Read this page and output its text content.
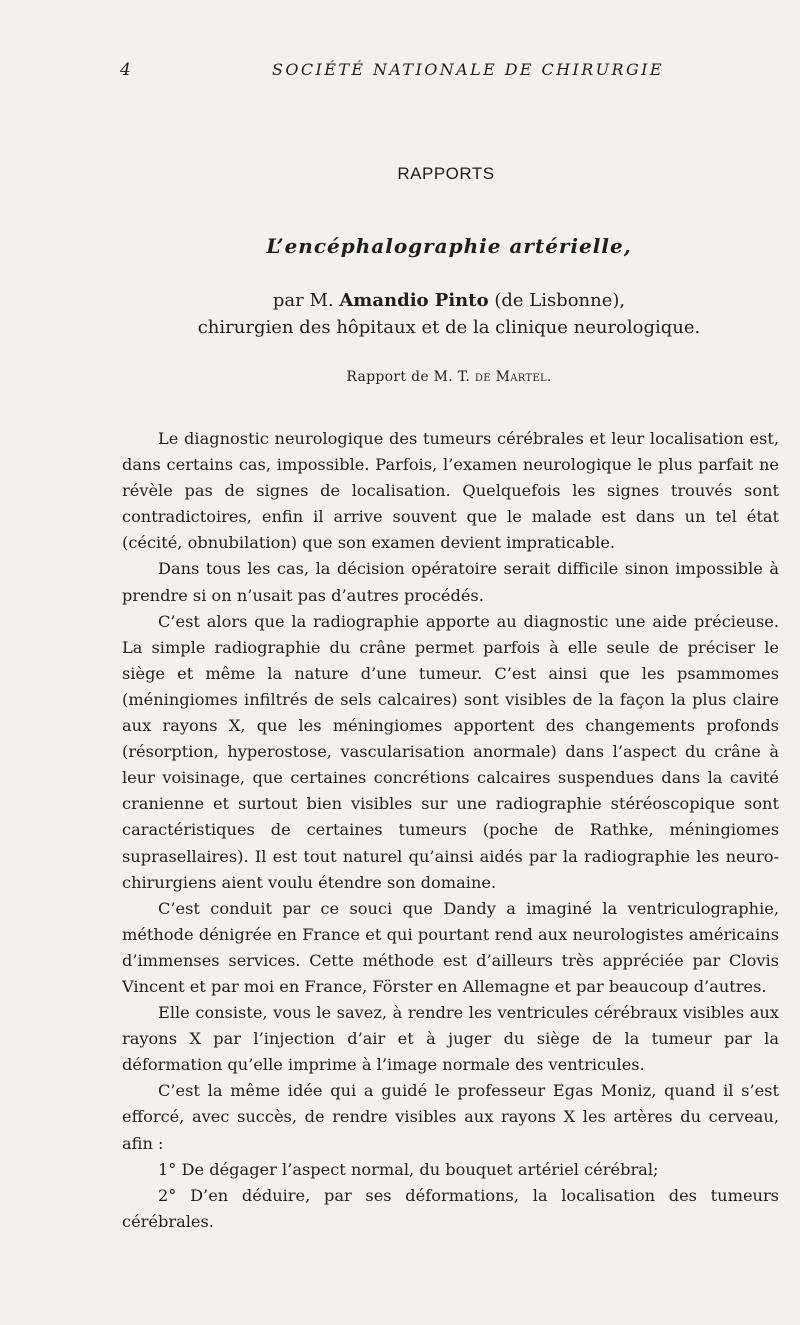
4	SOCIÉTÉ NATIONALE DE CHIRURGIE
RAPPORTS
L’encéphalographie artérielle,
par M. Amandio Pinto (de Lisbonne),
chirurgien des hôpitaux et de la clinique neurologique.
Rapport de M. T. de Martel.

Le diagnostic neurologique des tumeurs cérébrales et leur localisation est, dans certains cas, impossible. Parfois, l’examen neurologique le plus parfait ne révèle pas de signes de localisation. Quelquefois les signes trouvés sont contradictoires, enfin il arrive souvent que le malade est dans un tel état (cécité, obnubilation) que son examen devient impraticable.

Dans tous les cas, la décision opératoire serait difficile sinon impossible à prendre si on n’usait pas d’autres procédés.

C’est alors que la radiographie apporte au diagnostic une aide précieuse. La simple radiographie du crâne permet parfois à elle seule de préciser le siège et même la nature d’une tumeur. C’est ainsi que les psammomes (méningiomes infiltrés de sels calcaires) sont visibles de la façon la plus claire aux rayons X, que les méningiomes apportent des changements profonds (résorption, hyperostose, vascularisation anormale) dans l’aspect du crâne à leur voisinage, que certaines concrétions calcaires suspendues dans la cavité cranienne et surtout bien visibles sur une radiographie stéréoscopique sont caractéristiques de certaines tumeurs (poche de Rathke, méningiomes suprasellaires). Il est tout naturel qu’ainsi aidés par la radiographie les neuro-chirurgiens aient voulu étendre son domaine.

C’est conduit par ce souci que Dandy a imaginé la ventriculographie, méthode dénigrée en France et qui pourtant rend aux neurologistes américains d’immenses services. Cette méthode est d’ailleurs très appréciée par Clovis Vincent et par moi en France, Förster en Allemagne et par beaucoup d’autres.

Elle consiste, vous le savez, à rendre les ventricules cérébraux visibles aux rayons X par l’injection d’air et à juger du siège de la tumeur par la déformation qu’elle imprime à l’image normale des ventricules.

C’est la même idée qui a guidé le professeur Egas Moniz, quand il s’est efforcé, avec succès, de rendre visibles aux rayons X les artères du cerveau, afin :

1° De dégager l’aspect normal, du bouquet artériel cérébral;

2° D’en déduire, par ses déformations, la localisation des tumeurs cérébrales.
